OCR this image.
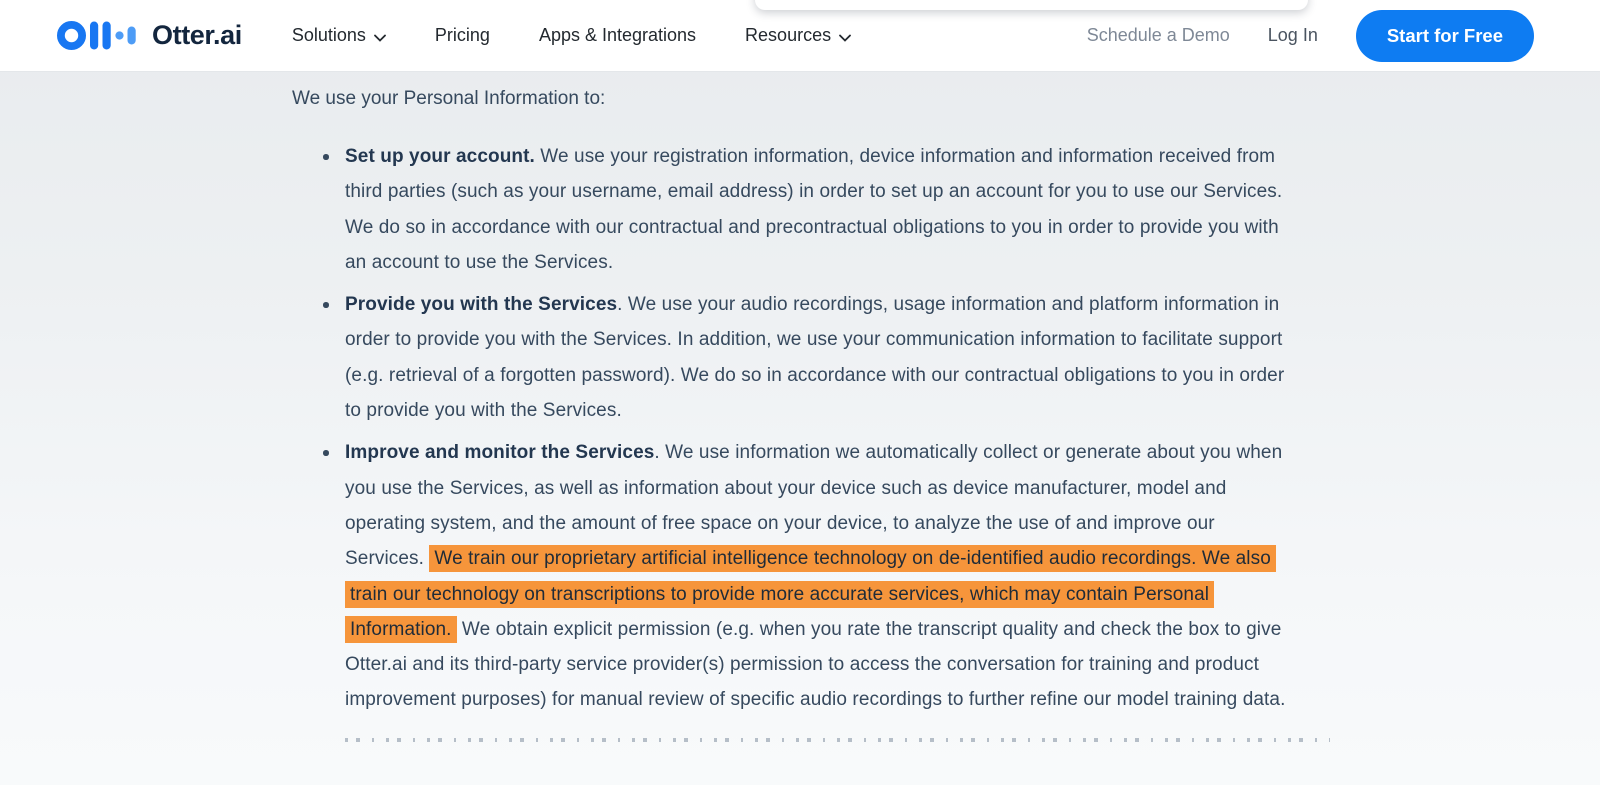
Otter.ai	Solutions	Pricing	Apps & Integrations	Resources	Schedule a Demo Log In	Start for Free

We use your Personal Information to:

Set up your account. We use your registration information, device information and information received from third parties (such as your username, email address) in order to set up an account for you to use our Services. We do so in accordance with our contractual and precontractual obligations to you in order to provide you with an account to use the Services.
Provide you with the Services. We use your audio recordings, usage information and platform information in order to provide you with the Services. In addition, we use your communication information to facilitate support (e.g. retrieval of a forgotten password). We do so in accordance with our contractual obligations to you in order to provide you with the Services.
Improve and monitor the Services. We use information we automatically collect or generate about you when you use the Services, as well as information about your device such as device manufacturer, model and operating system, and the amount of free space on your device, to analyze the use of and improve our Services. We train our proprietary artificial intelligence technology on de-identified audio recordings. We also train our technology on transcriptions to provide more accurate services, which may contain Personal Information. We obtain explicit permission (e.g. when you rate the transcript quality and check the box to give Otter.ai and its third-party service provider(s) permission to access the conversation for training and product improvement purposes) for manual review of specific audio recordings to further refine our model training data.
